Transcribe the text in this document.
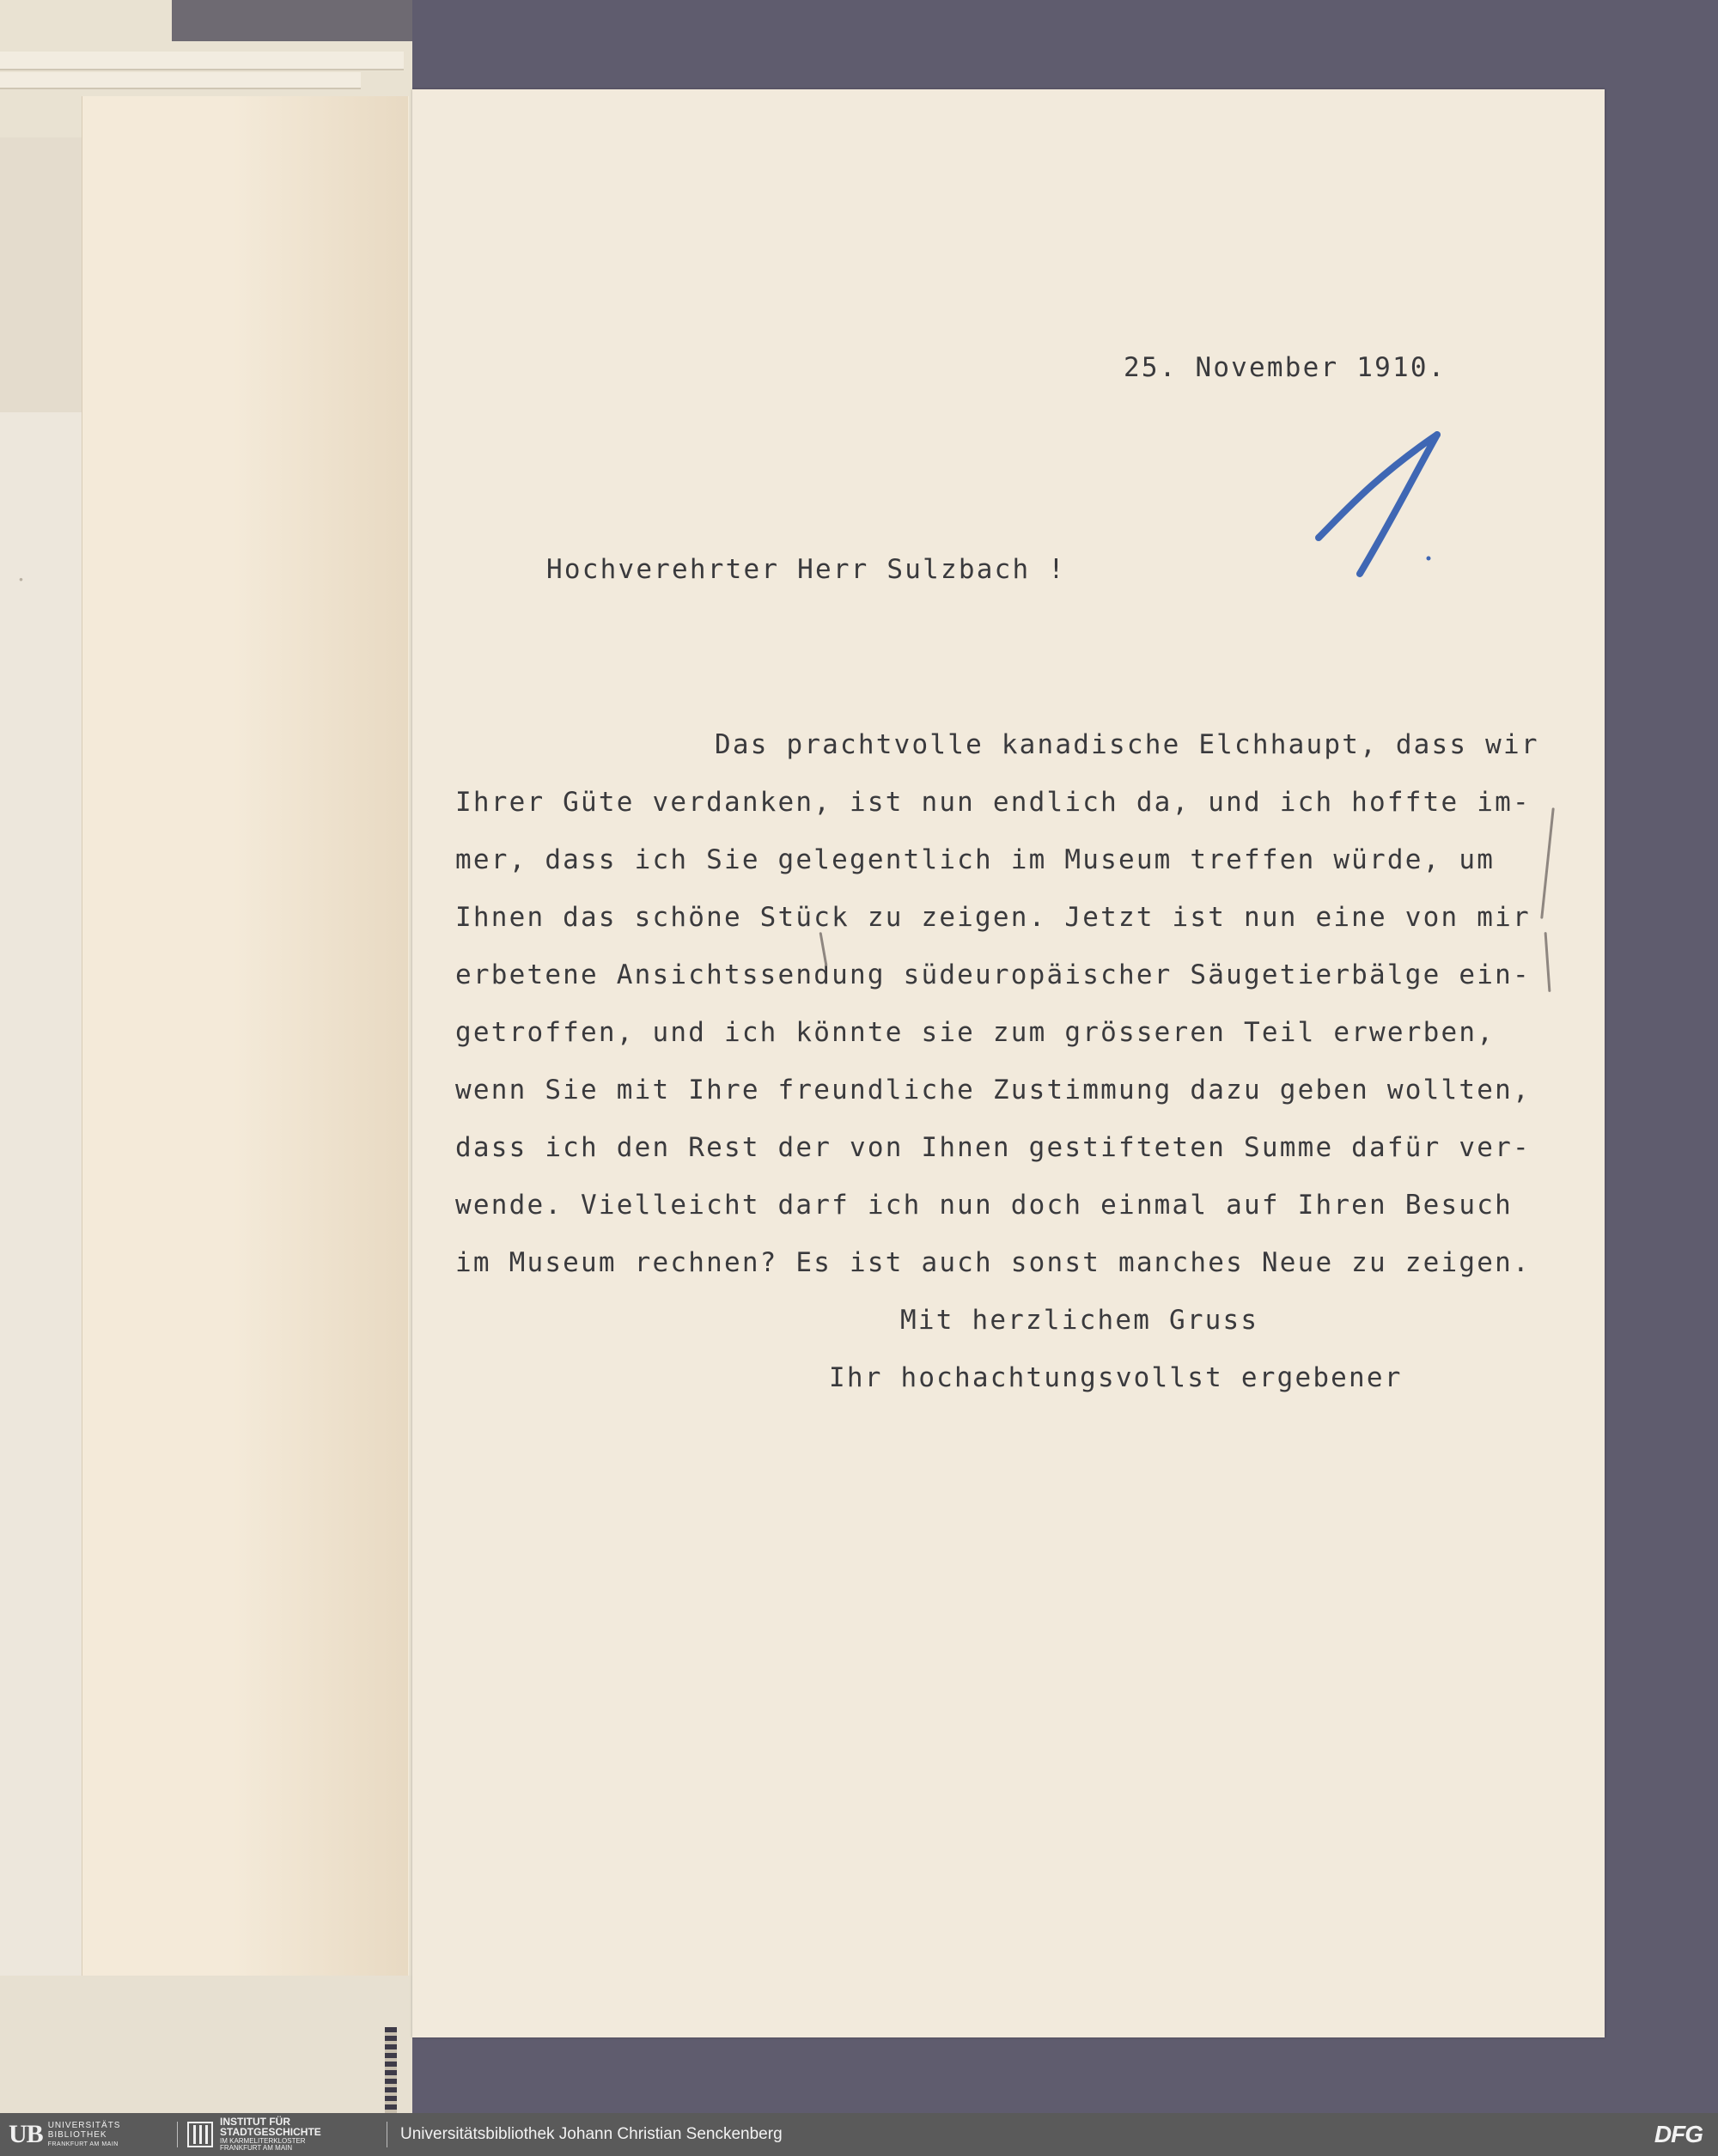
.
25. November 1910.
Hochverehrter Herr Sulzbach !
Das prachtvolle kanadische Elchhaupt, dass wir
Ihrer Güte verdanken, ist nun endlich da, und ich hoffte im-
mer, dass ich Sie gelegentlich im Museum treffen würde, um
Ihnen das schöne Stück zu zeigen. Jetzt ist nun eine von mir
erbetene Ansichtssendung südeuropäischer Säugetierbälge ein-
getroffen, und ich könnte sie zum grösseren Teil erwerben,
wenn Sie mit Ihre freundliche Zustimmung dazu geben wollten,
dass ich den Rest der von Ihnen gestifteten Summe dafür ver-
wende. Vielleicht darf ich nun doch einmal auf Ihren Besuch
im Museum rechnen? Es ist auch sonst manches Neue zu zeigen.
Mit herzlichem Gruss
Ihr hochachtungsvollst ergebener
UB UNIVERSITÄTS
BIBLIOTHEK
FRANKFURT AM MAIN
INSTITUT FÜR
STADTGESCHICHTE
IM KARMELITERKLOSTER
FRANKFURT AM MAIN
Universitätsbibliothek Johann Christian Senckenberg	DFG
